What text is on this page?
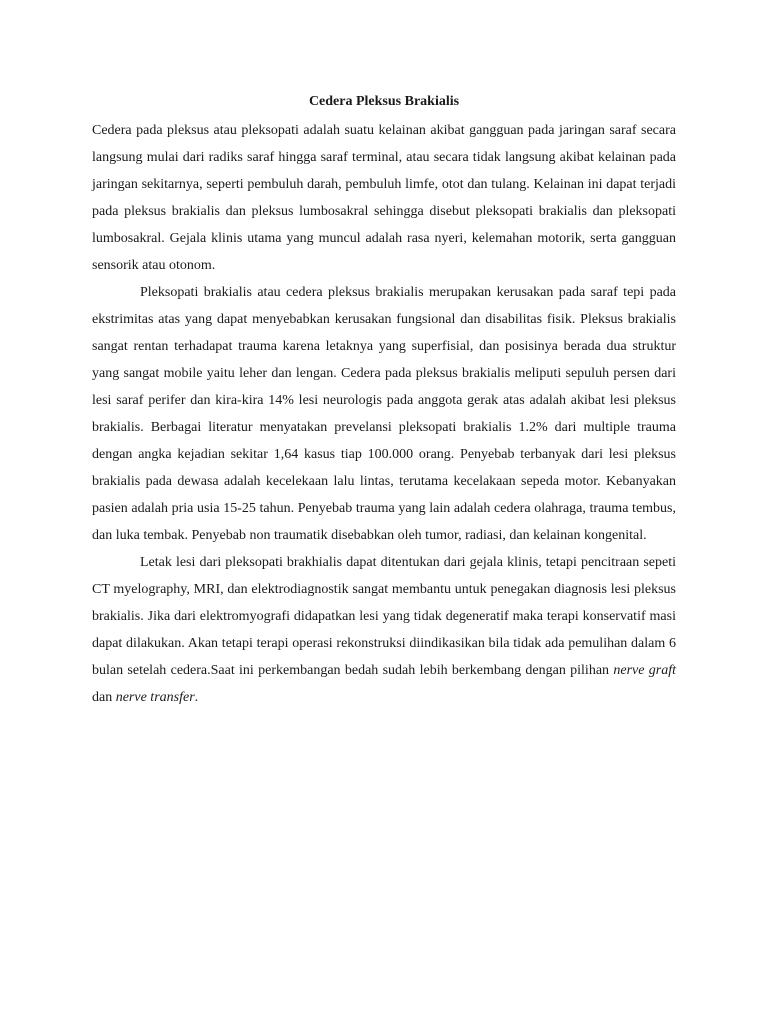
Cedera Pleksus Brakialis

Cedera pada pleksus atau pleksopati adalah suatu kelainan akibat gangguan pada jaringan saraf secara langsung mulai dari radiks saraf hingga saraf terminal, atau secara tidak langsung akibat kelainan pada jaringan sekitarnya, seperti pembuluh darah, pembuluh limfe, otot dan tulang. Kelainan ini dapat terjadi pada pleksus brakialis dan pleksus lumbosakral sehingga disebut pleksopati brakialis dan pleksopati lumbosakral. Gejala klinis utama yang muncul adalah rasa nyeri, kelemahan motorik, serta gangguan sensorik atau otonom.

Pleksopati brakialis atau cedera pleksus brakialis merupakan kerusakan pada saraf tepi pada ekstrimitas atas yang dapat menyebabkan kerusakan fungsional dan disabilitas fisik. Pleksus brakialis sangat rentan terhadapat trauma karena letaknya yang superfisial, dan posisinya berada dua struktur yang sangat mobile yaitu leher dan lengan. Cedera pada pleksus brakialis meliputi sepuluh persen dari lesi saraf perifer dan kira-kira 14% lesi neurologis pada anggota gerak atas adalah akibat lesi pleksus brakialis. Berbagai literatur menyatakan prevelansi pleksopati brakialis 1.2% dari multiple trauma dengan angka kejadian sekitar 1,64 kasus tiap 100.000 orang. Penyebab terbanyak dari lesi pleksus brakialis pada dewasa adalah kecelekaan lalu lintas, terutama kecelakaan sepeda motor. Kebanyakan pasien adalah pria usia 15-25 tahun. Penyebab trauma yang lain adalah cedera olahraga, trauma tembus, dan luka tembak. Penyebab non traumatik disebabkan oleh tumor, radiasi, dan kelainan kongenital.

Letak lesi dari pleksopati brakhialis dapat ditentukan dari gejala klinis, tetapi pencitraan sepeti CT myelography, MRI, dan elektrodiagnostik sangat membantu untuk penegakan diagnosis lesi pleksus brakialis. Jika dari elektromyografi didapatkan lesi yang tidak degeneratif maka terapi konservatif masi dapat dilakukan. Akan tetapi terapi operasi rekonstruksi diindikasikan bila tidak ada pemulihan dalam 6 bulan setelah cedera.Saat ini perkembangan bedah sudah lebih berkembang dengan pilihan nerve graft dan nerve transfer.
